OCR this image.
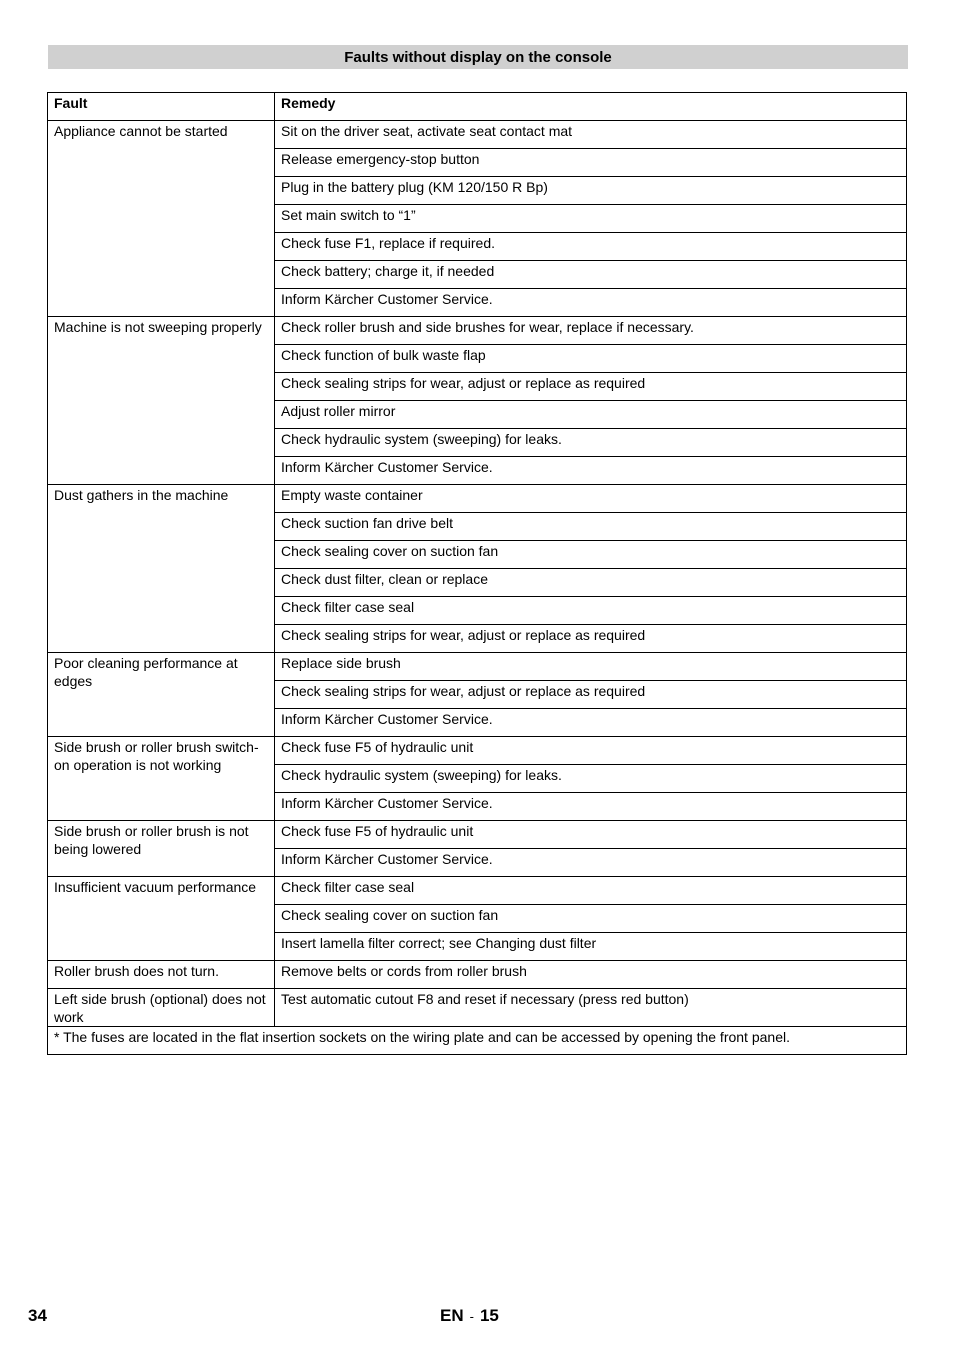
Faults without display on the console
Fault	Remedy
Appliance cannot be started	Sit on the driver seat, activate seat contact mat
	Release emergency-stop button
	Plug in the battery plug (KM 120/150 R Bp)
	Set main switch to “1”
	Check fuse F1, replace if required.
	Check battery; charge it, if needed
	Inform Kärcher Customer Service.
Machine is not sweeping properly	Check roller brush and side brushes for wear, replace if necessary.
	Check function of bulk waste flap
	Check sealing strips for wear, adjust or replace as required
	Adjust roller mirror
	Check hydraulic system (sweeping) for leaks.
	Inform Kärcher Customer Service.
Dust gathers in the machine	Empty waste container
	Check suction fan drive belt
	Check sealing cover on suction fan
	Check dust filter, clean or replace
	Check filter case seal
	Check sealing strips for wear, adjust or replace as required
Poor cleaning performance at edges	Replace side brush
	Check sealing strips for wear, adjust or replace as required
	Inform Kärcher Customer Service.
Side brush or roller brush switch-on operation is not working	Check fuse F5 of hydraulic unit
	Check hydraulic system (sweeping) for leaks.
	Inform Kärcher Customer Service.
Side brush or roller brush is not being lowered	Check fuse F5 of hydraulic unit
	Inform Kärcher Customer Service.
Insufficient vacuum performance	Check filter case seal
	Check sealing cover on suction fan
	Insert lamella filter correct; see Changing dust filter
Roller brush does not turn.	Remove belts or cords from roller brush
Left side brush (optional) does not work	Test automatic cutout F8 and reset if necessary (press red button)
* The fuses are located in the flat insertion sockets on the wiring plate and can be accessed by opening the front panel.	
34	EN - 15
